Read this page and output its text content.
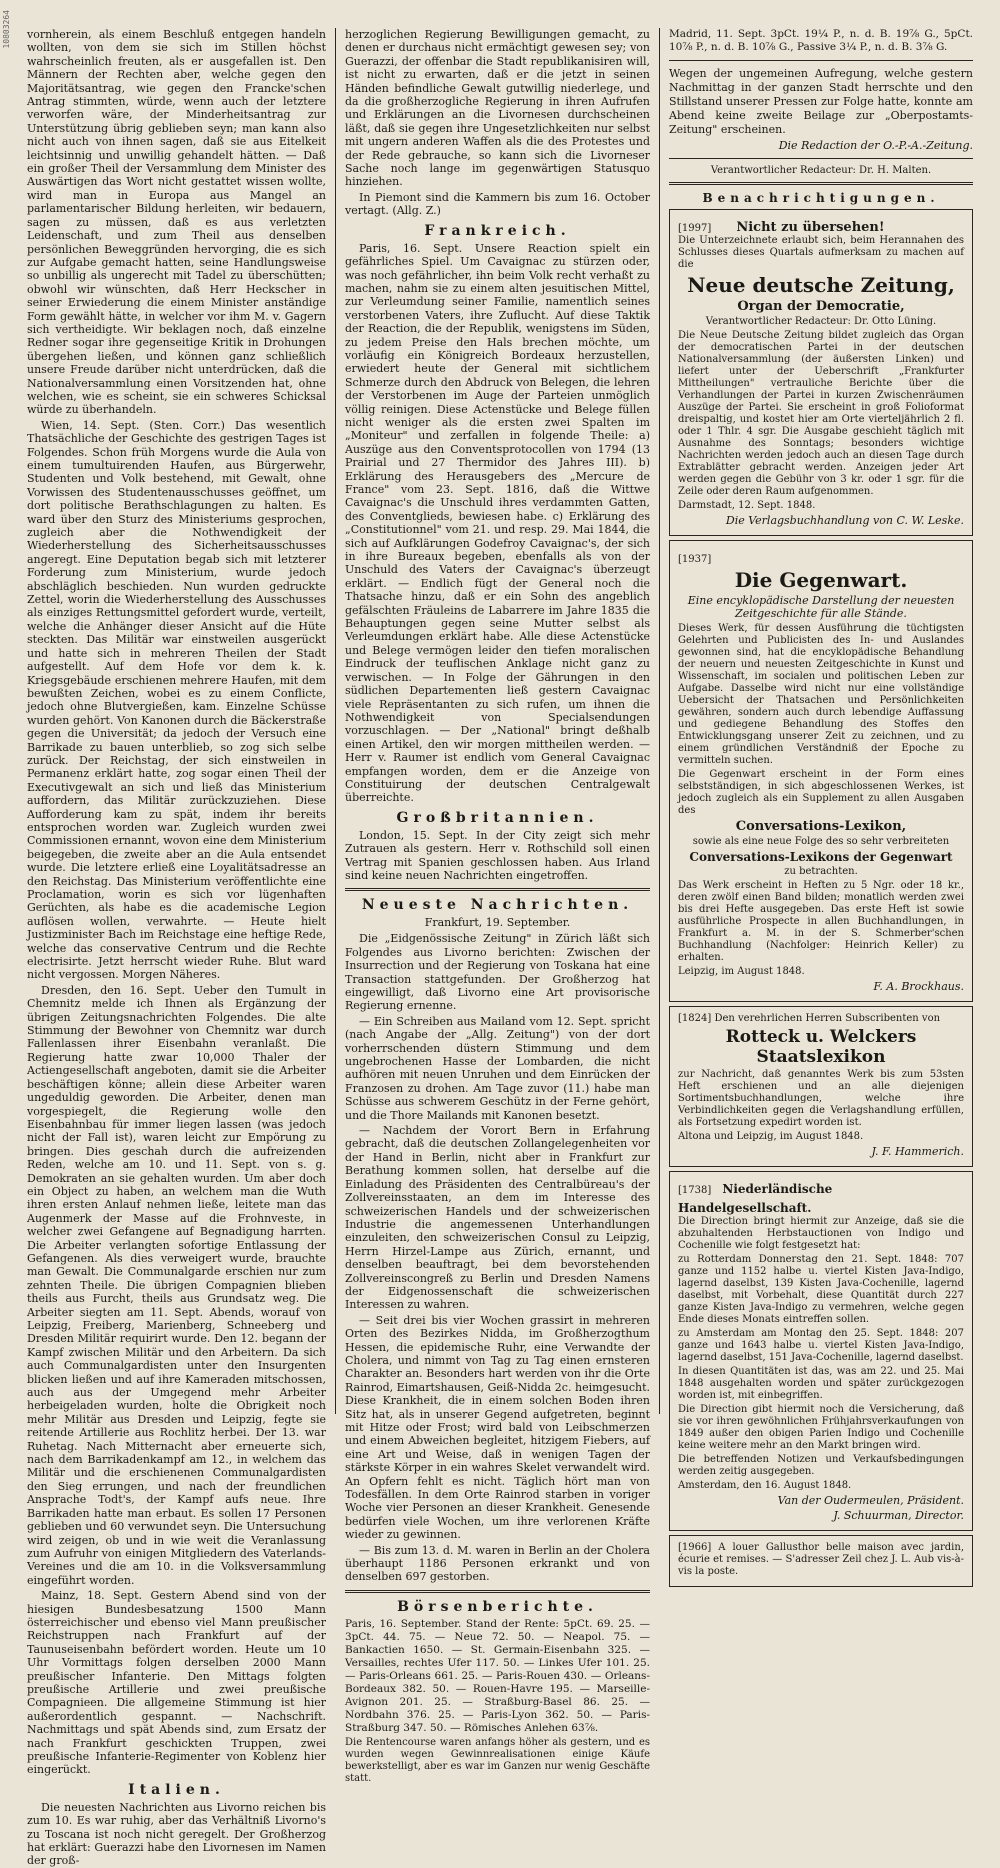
10803264 vornherein, als einem Beschluß entgegen handeln wollten, von dem sie sich im Stillen höchst wahrscheinlich freuten, als er ausgefallen ist. Den Männern der Rechten aber, welche gegen den Majoritätsantrag, wie gegen den Francke'schen Antrag stimmten, würde, wenn auch der letztere verworfen wäre, der Minderheitsantrag zur Unterstützung übrig geblieben seyn; man kann also nicht auch von ihnen sagen, daß sie aus Eitelkeit leichtsinnig und unwillig gehandelt hätten. — Daß ein großer Theil der Versammlung dem Minister des Auswärtigen das Wort nicht gestattet wissen wollte, wird man in Europa aus Mangel an parlamentarischer Bildung herleiten, wir bedauern, sagen zu müssen, daß es aus verletzten Leidenschaft, und zum Theil aus denselben persönlichen Beweggründen hervorging, die es sich zur Aufgabe gemacht hatten, seine Handlungsweise so unbillig als ungerecht mit Tadel zu überschütten; obwohl wir wünschten, daß Herr Heckscher in seiner Erwiederung die einem Minister anständige Form gewählt hätte, in welcher vor ihm M. v. Gagern sich vertheidigte. Wir beklagen noch, daß einzelne Redner sogar ihre gegenseitige Kritik in Drohungen übergehen ließen, und können ganz schließlich unsere Freude darüber nicht unterdrücken, daß die Nationalversammlung einen Vorsitzenden hat, ohne welchen, wie es scheint, sie ein schweres Schicksal würde zu überhandeln.

Wien, 14. Sept. (Sten. Corr.) Das wesentlich Thatsächliche der Geschichte des gestrigen Tages ist Folgendes. Schon früh Morgens wurde die Aula von einem tumultuirenden Haufen, aus Bürgerwehr, Studenten und Volk bestehend, mit Gewalt, ohne Vorwissen des Studentenausschusses geöffnet, um dort politische Berathschlagungen zu halten. Es ward über den Sturz des Ministeriums gesprochen, zugleich aber die Nothwendigkeit der Wiederherstellung des Sicherheitsausschusses angeregt. Eine Deputation begab sich mit letzterer Forderung zum Ministerium, wurde jedoch abschläglich beschieden. Nun wurden gedruckte Zettel, worin die Wiederherstellung des Ausschusses als einziges Rettungsmittel gefordert wurde, verteilt, welche die Anhänger dieser Ansicht auf die Hüte steckten. Das Militär war einstweilen ausgerückt und hatte sich in mehreren Theilen der Stadt aufgestellt. Auf dem Hofe vor dem k. k. Kriegsgebäude erschienen mehrere Haufen, mit dem bewußten Zeichen, wobei es zu einem Conflicte, jedoch ohne Blutvergießen, kam. Einzelne Schüsse wurden gehört. Von Kanonen durch die Bäckerstraße gegen die Universität; da jedoch der Versuch eine Barrikade zu bauen unterblieb, so zog sich selbe zurück. Der Reichstag, der sich einstweilen in Permanenz erklärt hatte, zog sogar einen Theil der Executivgewalt an sich und ließ das Ministerium auffordern, das Militär zurückzuziehen. Diese Aufforderung kam zu spät, indem ihr bereits entsprochen worden war. Zugleich wurden zwei Commissionen ernannt, wovon eine dem Ministerium beigegeben, die zweite aber an die Aula entsendet wurde. Die letztere erließ eine Loyalitätsadresse an den Reichstag. Das Ministerium veröffentlichte eine Proclamation, worin es sich vor lügenhaften Gerüchten, als habe es die academische Legion auflösen wollen, verwahrte. — Heute hielt Justizminister Bach im Reichstage eine heftige Rede, welche das conservative Centrum und die Rechte electrisirte. Jetzt herrscht wieder Ruhe. Blut ward nicht vergossen. Morgen Näheres.

Dresden, den 16. Sept. Ueber den Tumult in Chemnitz melde ich Ihnen als Ergänzung der übrigen Zeitungsnachrichten Folgendes. Die alte Stimmung der Bewohner von Chemnitz war durch Fallenlassen ihrer Eisenbahn veranlaßt. Die Regierung hatte zwar 10,000 Thaler der Actiengesellschaft angeboten, damit sie die Arbeiter beschäftigen könne; allein diese Arbeiter waren ungeduldig geworden. Die Arbeiter, denen man vorgespiegelt, die Regierung wolle den Eisenbahnbau für immer liegen lassen (was jedoch nicht der Fall ist), waren leicht zur Empörung zu bringen. Dies geschah durch die aufreizenden Reden, welche am 10. und 11. Sept. von s. g. Demokraten an sie gehalten wurden. Um aber doch ein Object zu haben, an welchem man die Wuth ihren ersten Anlauf nehmen ließe, leitete man das Augenmerk der Masse auf die Frohnveste, in welcher zwei Gefangene auf Begnadigung harrten. Die Arbeiter verlangten sofortige Entlassung der Gefangenen. Als dies verweigert wurde, brauchte man Gewalt. Die Communalgarde erschien nur zum zehnten Theile. Die übrigen Compagnien blieben theils aus Furcht, theils aus Grundsatz weg. Die Arbeiter siegten am 11. Sept. Abends, worauf von Leipzig, Freiberg, Marienberg, Schneeberg und Dresden Militär requirirt wurde. Den 12. begann der Kampf zwischen Militär und den Arbeitern. Da sich auch Communalgardisten unter den Insurgenten blicken ließen und auf ihre Kameraden mitschossen, auch aus der Umgegend mehr Arbeiter herbeigeladen wurden, holte die Obrigkeit noch mehr Militär aus Dresden und Leipzig, fegte sie reitende Artillerie aus Rochlitz herbei. Der 13. war Ruhetag. Nach Mitternacht aber erneuerte sich, nach dem Barrikadenkampf am 12., in welchem das Militär und die erschienenen Communalgardisten den Sieg errungen, und nach der freundlichen Ansprache Todt's, der Kampf aufs neue. Ihre Barrikaden hatte man erbaut. Es sollen 17 Personen geblieben und 60 verwundet seyn. Die Untersuchung wird zeigen, ob und in wie weit die Veranlassung zum Aufruhr von einigen Mitgliedern des Vaterlands-Vereines und die am 10. in die Volksversammlung eingeführt worden.

Mainz, 18. Sept. Gestern Abend sind von der hiesigen Bundesbesatzung 1500 Mann österreichischer und ebenso viel Mann preußischer Reichstruppen nach Frankfurt auf der Taunuseisenbahn befördert worden. Heute um 10 Uhr Vormittags folgen derselben 2000 Mann preußischer Infanterie. Den Mittags folgten preußische Artillerie und zwei preußische Compagnieen. Die allgemeine Stimmung ist hier außerordentlich gespannt. — Nachschrift. Nachmittags und spät Abends sind, zum Ersatz der nach Frankfurt geschickten Truppen, zwei preußische Infanterie-Regimenter von Koblenz hier eingerückt.

Italien.

Die neuesten Nachrichten aus Livorno reichen bis zum 10. Es war ruhig, aber das Verhältniß Livorno's zu Toscana ist noch nicht geregelt. Der Großherzog hat erklärt: Guerazzi habe den Livornesen im Namen der groß-

herzoglichen Regierung Bewilligungen gemacht, zu denen er durchaus nicht ermächtigt gewesen sey; von Guerazzi, der offenbar die Stadt republikanisiren will, ist nicht zu erwarten, daß er die jetzt in seinen Händen befindliche Gewalt gutwillig niederlege, und da die großherzogliche Regierung in ihren Aufrufen und Erklärungen an die Livornesen durchscheinen läßt, daß sie gegen ihre Ungesetzlichkeiten nur selbst mit ungern anderen Waffen als die des Protestes und der Rede gebrauche, so kann sich die Livorneser Sache noch lange im gegenwärtigen Statusquo hinziehen.

In Piemont sind die Kammern bis zum 16. October vertagt. (Allg. Z.)

Frankreich.

Paris, 16. Sept. Unsere Reaction spielt ein gefährliches Spiel. Um Cavaignac zu stürzen oder, was noch gefährlicher, ihn beim Volk recht verhaßt zu machen, nahm sie zu einem alten jesuitischen Mittel, zur Verleumdung seiner Familie, namentlich seines verstorbenen Vaters, ihre Zuflucht. Auf diese Taktik der Reaction, die der Republik, wenigstens im Süden, zu jedem Preise den Hals brechen möchte, um vorläufig ein Königreich Bordeaux herzustellen, erwiedert heute der General mit sichtlichem Schmerze durch den Abdruck von Belegen, die lehren der Verstorbenen im Auge der Parteien unmöglich völlig reinigen. Diese Actenstücke und Belege füllen nicht weniger als die ersten zwei Spalten im „Moniteur" und zerfallen in folgende Theile: a) Auszüge aus den Conventsprotocollen von 1794 (13 Prairial und 27 Thermidor des Jahres III). b) Erklärung des Herausgebers des „Mercure de France" vom 23. Sept. 1816, daß die Wittwe Cavaignac's die Unschuld ihres verdammten Gatten, des Conventglieds, bewiesen habe. c) Erklärung des „Constitutionnel" vom 21. und resp. 29. Mai 1844, die sich auf Aufklärungen Godefroy Cavaignac's, der sich in ihre Bureaux begeben, ebenfalls als von der Unschuld des Vaters der Cavaignac's überzeugt erklärt. — Endlich fügt der General noch die Thatsache hinzu, daß er ein Sohn des angeblich gefälschten Fräuleins de Labarrere im Jahre 1835 die Behauptungen gegen seine Mutter selbst als Verleumdungen erklärt habe. Alle diese Actenstücke und Belege vermögen leider den tiefen moralischen Eindruck der teuflischen Anklage nicht ganz zu verwischen. — In Folge der Gährungen in den südlichen Departementen ließ gestern Cavaignac viele Repräsentanten zu sich rufen, um ihnen die Nothwendigkeit von Specialsendungen vorzuschlagen. — Der „National" bringt deßhalb einen Artikel, den wir morgen mittheilen werden. — Herr v. Raumer ist endlich vom General Cavaignac empfangen worden, dem er die Anzeige von Constituirung der deutschen Centralgewalt überreichte.

Großbritannien.

London, 15. Sept. In der City zeigt sich mehr Zutrauen als gestern. Herr v. Rothschild soll einen Vertrag mit Spanien geschlossen haben. Aus Irland sind keine neuen Nachrichten eingetroffen.

Neueste Nachrichten.
Frankfurt, 19. September.

Die „Eidgenössische Zeitung" in Zürich läßt sich Folgendes aus Livorno berichten: Zwischen der Insurrection und der Regierung von Toskana hat eine Transaction stattgefunden. Der Großherzog hat eingewilligt, daß Livorno eine Art provisorische Regierung ernenne.

— Ein Schreiben aus Mailand vom 12. Sept. spricht (nach Angabe der „Allg. Zeitung") von der dort vorherrschenden düstern Stimmung und dem ungebrochenen Hasse der Lombarden, die nicht aufhören mit neuen Unruhen und dem Einrücken der Franzosen zu drohen. Am Tage zuvor (11.) habe man Schüsse aus schwerem Geschütz in der Ferne gehört, und die Thore Mailands mit Kanonen besetzt.

— Nachdem der Vorort Bern in Erfahrung gebracht, daß die deutschen Zollangelegenheiten vor der Hand in Berlin, nicht aber in Frankfurt zur Berathung kommen sollen, hat derselbe auf die Einladung des Präsidenten des Centralbüreau's der Zollvereinsstaaten, an dem im Interesse des schweizerischen Handels und der schweizerischen Industrie die angemessenen Unterhandlungen einzuleiten, den schweizerischen Consul zu Leipzig, Herrn Hirzel-Lampe aus Zürich, ernannt, und denselben beauftragt, bei dem bevorstehenden Zollvereinscongreß zu Berlin und Dresden Namens der Eidgenossenschaft die schweizerischen Interessen zu wahren.

— Seit drei bis vier Wochen grassirt in mehreren Orten des Bezirkes Nidda, im Großherzogthum Hessen, die epidemische Ruhr, eine Verwandte der Cholera, und nimmt von Tag zu Tag einen ernsteren Charakter an. Besonders hart werden von ihr die Orte Rainrod, Eimartshausen, Geiß-Nidda 2c. heimgesucht. Diese Krankheit, die in einem solchen Boden ihren Sitz hat, als in unserer Gegend aufgetreten, beginnt mit Hitze oder Frost; wird bald von Leibschmerzen und einem Abweichen begleitet, hitzigem Fiebers, auf eine Art und Weise, daß in wenigen Tagen der stärkste Körper in ein wahres Skelet verwandelt wird. An Opfern fehlt es nicht. Täglich hört man von Todesfällen. In dem Orte Rainrod starben in voriger Woche vier Personen an dieser Krankheit. Genesende bedürfen viele Wochen, um ihre verlorenen Kräfte wieder zu gewinnen.

— Bis zum 13. d. M. waren in Berlin an der Cholera überhaupt 1186 Personen erkrankt und von denselben 697 gestorben.

Börsenberichte.

Paris, 16. September. Stand der Rente: 5pCt. 69. 25. — 3pCt. 44. 75. — Neue 72. 50. — Neapol. 75. — Bankactien 1650. — St. Germain-Eisenbahn 325. — Versailles, rechtes Ufer 117. 50. — Linkes Ufer 101. 25. — Paris-Orleans 661. 25. — Paris-Rouen 430. — Orleans-Bordeaux 382. 50. — Rouen-Havre 195. — Marseille-Avignon 201. 25. — Straßburg-Basel 86. 25. — Nordbahn 376. 25. — Paris-Lyon 362. 50. — Paris-Straßburg 347. 50. — Römisches Anlehen 63⅞.

Die Rentencourse waren anfangs höher als gestern, und es wurden wegen Gewinnrealisationen einige Käufe bewerkstelligt, aber es war im Ganzen nur wenig Geschäfte statt.

Madrid, 11. Sept. 3pCt. 19¼ P., n. d. B. 19⅞ G., 5pCt. 10⅞ P., n. d. B. 10⅞ G., Passive 3¼ P., n. d. B. 3⅞ G.

Wegen der ungemeinen Aufregung, welche gestern Nachmittag in der ganzen Stadt herrschte und den Stillstand unserer Pressen zur Folge hatte, konnte am Abend keine zweite Beilage zur „Oberpostamts-Zeitung" erscheinen.

Die Redaction der O.-P.-A.-Zeitung.
Verantwortlicher Redacteur: Dr. H. Malten.
Benachrichtigungen.
[1997] Nicht zu übersehen!

Die Unterzeichnete erlaubt sich, beim Herannahen des Schlusses dieses Quartals aufmerksam zu machen auf die

Neue deutsche Zeitung,
Organ der Democratie,
Verantwortlicher Redacteur: Dr. Otto Lüning.

Die Neue Deutsche Zeitung bildet zugleich das Organ der democratischen Partei in der deutschen Nationalversammlung (der äußersten Linken) und liefert unter der Ueberschrift „Frankfurter Mittheilungen" vertrauliche Berichte über die Verhandlungen der Partei in kurzen Zwischenräumen Auszüge der Partei. Sie erscheint in groß Folioformat dreispaltig, und kostet hier am Orte vierteljährlich 2 fl. oder 1 Thlr. 4 sgr. Die Ausgabe geschieht täglich mit Ausnahme des Sonntags; besonders wichtige Nachrichten werden jedoch auch an diesen Tage durch Extrablätter gebracht werden. Anzeigen jeder Art werden gegen die Gebühr von 3 kr. oder 1 sgr. für die Zeile oder deren Raum aufgenommen.

Darmstadt, 12. Sept. 1848.

Die Verlagsbuchhandlung von C. W. Leske.
[1937]
Die Gegenwart.
Eine encyklopädische Darstellung der neuesten Zeitgeschichte für alle Stände.

Dieses Werk, für dessen Ausführung die tüchtigsten Gelehrten und Publicisten des In- und Auslandes gewonnen sind, hat die encyklopädische Behandlung der neuern und neuesten Zeitgeschichte in Kunst und Wissenschaft, im socialen und politischen Leben zur Aufgabe. Dasselbe wird nicht nur eine vollständige Uebersicht der Thatsachen und Persönlichkeiten gewähren, sondern auch durch lebendige Auffassung und gediegene Behandlung des Stoffes den Entwicklungsgang unserer Zeit zu zeichnen, und zu einem gründlichen Verständniß der Epoche zu vermitteln suchen.

Die Gegenwart erscheint in der Form eines selbstständigen, in sich abgeschlossenen Werkes, ist jedoch zugleich als ein Supplement zu allen Ausgaben des

Conversations-Lexikon,
sowie als eine neue Folge des so sehr verbreiteten
Conversations-Lexikons der Gegenwart
zu betrachten.

Das Werk erscheint in Heften zu 5 Ngr. oder 18 kr., deren zwölf einen Band bilden; monatlich werden zwei bis drei Hefte ausgegeben. Das erste Heft ist sowie ausführliche Prospecte in allen Buchhandlungen, in Frankfurt a. M. in der S. Schmerber'schen Buchhandlung (Nachfolger: Heinrich Keller) zu erhalten.

Leipzig, im August 1848.

F. A. Brockhaus.

[1824] Den verehrlichen Herren Subscribenten von

Rotteck u. Welckers Staatslexikon

zur Nachricht, daß genanntes Werk bis zum 53sten Heft erschienen und an alle diejenigen Sortimentsbuchhandlungen, welche ihre Verbindlichkeiten gegen die Verlagshandlung erfüllen, als Fortsetzung expedirt worden ist.

Altona und Leipzig, im August 1848.

J. F. Hammerich.
[1738] Niederländische Handelgesellschaft.

Die Direction bringt hiermit zur Anzeige, daß sie die abzuhaltenden Herbstauctionen von Indigo und Cochenille wie folgt festgesetzt hat:

zu Rotterdam Donnerstag den 21. Sept. 1848: 707 ganze und 1152 halbe u. viertel Kisten Java-Indigo, lagernd daselbst, 139 Kisten Java-Cochenille, lagernd daselbst, mit Vorbehalt, diese Quantität durch 227 ganze Kisten Java-Indigo zu vermehren, welche gegen Ende dieses Monats eintreffen sollen.

zu Amsterdam am Montag den 25. Sept. 1848: 207 ganze und 1643 halbe u. viertel Kisten Java-Indigo, lagernd daselbst, 151 Java-Cochenille, lagernd daselbst.

In diesen Quantitäten ist das, was am 22. und 25. Mai 1848 ausgehalten worden und später zurückgezogen worden ist, mit einbegriffen.

Die Direction gibt hiermit noch die Versicherung, daß sie vor ihren gewöhnlichen Frühjahrsverkaufungen von 1849 außer den obigen Parien Indigo und Cochenille keine weitere mehr an den Markt bringen wird.

Die betreffenden Notizen und Verkaufsbedingungen werden zeitig ausgegeben.

Amsterdam, den 16. August 1848.

Van der Oudermeulen, Präsident.
J. Schuurman, Director.

[1966] A louer Gallusthor belle maison avec jardin, écurie et remises. — S'adresser Zeil chez J. L. Aub vis-à-vis la poste.
